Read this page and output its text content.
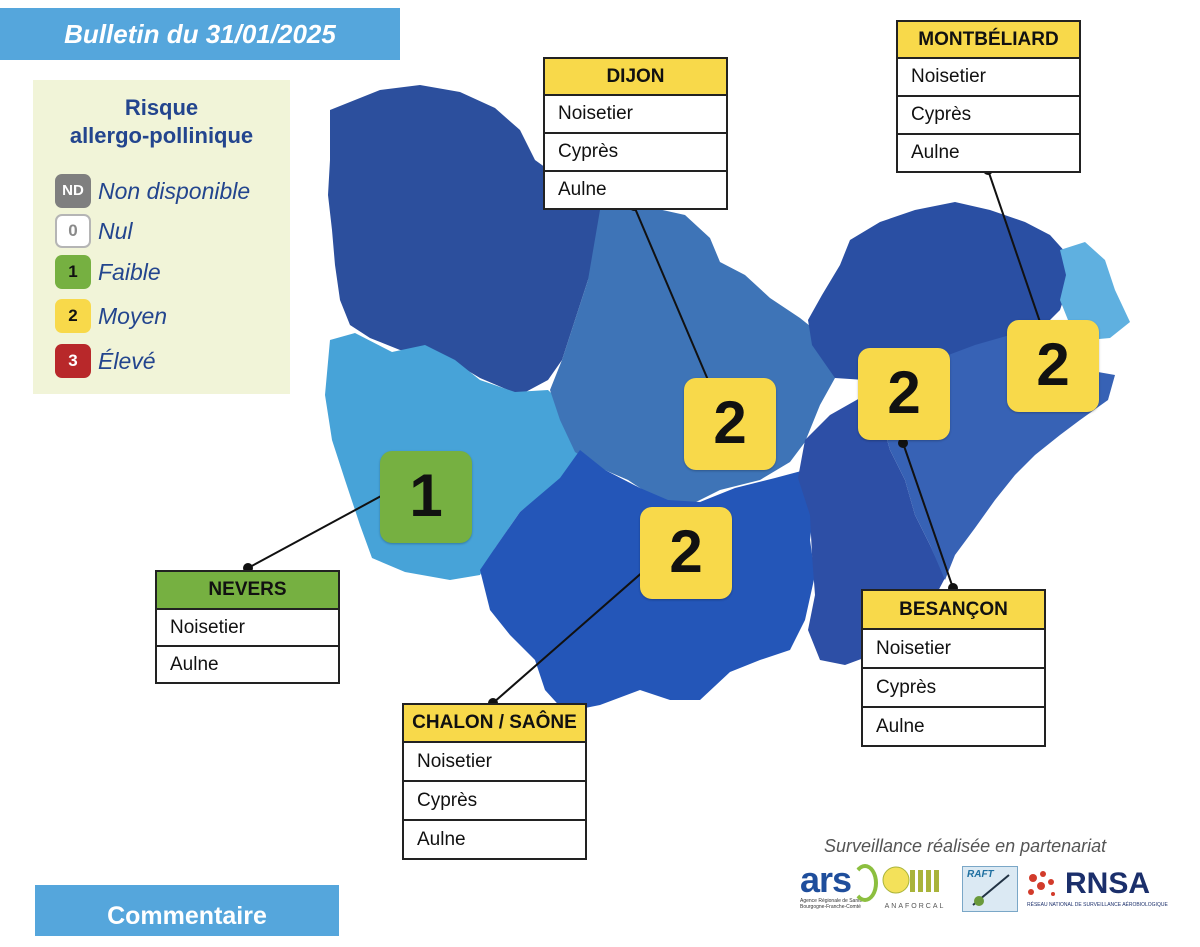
Bulletin du 31/01/2025
Risque
allergo-pollinique
ND Non disponible
0 Nul
1 Faible
2 Moyen
3 Élevé
2
2
1
2
2
DIJON
Noisetier
Cyprès
Aulne
MONTBÉLIARD
Noisetier
Cyprès
Aulne
NEVERS
Noisetier
Aulne
CHALON / SAÔNE
Noisetier
Cyprès
Aulne
BESANÇON
Noisetier
Cyprès
Aulne
Surveillance réalisée en partenariat
ars
Agence Régionale de Santé Bourgogne-Franche-Comté	ANAFORCAL
RAFT RNSA
RÉSEAU NATIONAL DE SURVEILLANCE AÉROBIOLOGIQUE
Commentaire
